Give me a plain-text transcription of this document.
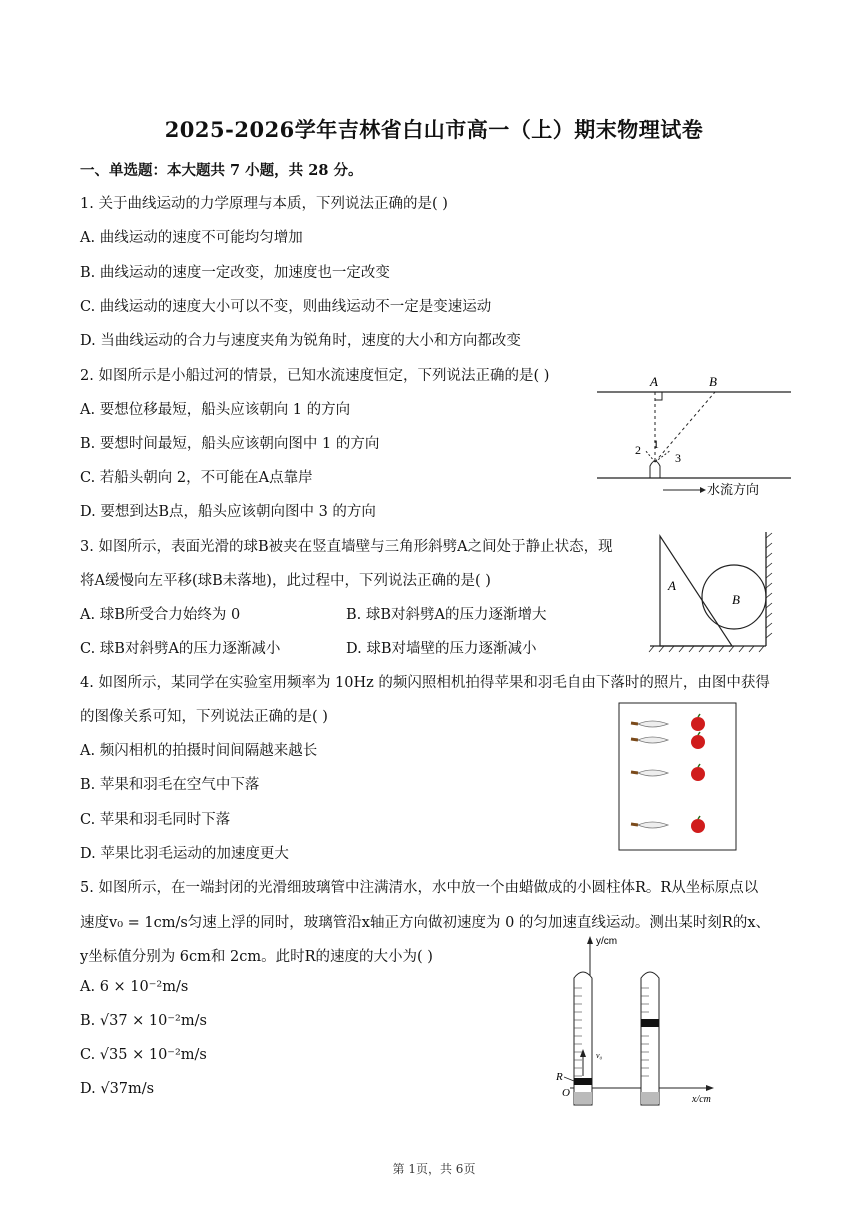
2025-2026学年吉林省白山市高一（上）期末物理试卷
一、单选题：本大题共 7 小题，共 28 分。
1. 关于曲线运动的力学原理与本质，下列说法正确的是( )
A. 曲线运动的速度不可能均匀增加
B. 曲线运动的速度一定改变，加速度也一定改变
C. 曲线运动的速度大小可以不变，则曲线运动不一定是变速运动
D. 当曲线运动的合力与速度夹角为锐角时，速度的大小和方向都改变
2. 如图所示是小船过河的情景，已知水流速度恒定，下列说法正确的是( )
A. 要想位移最短，船头应该朝向 1 的方向
B. 要想时间最短，船头应该朝向图中 1 的方向
C. 若船头朝向 2，不可能在A点靠岸
D. 要想到达B点，船头应该朝向图中 3 的方向
A	B
1
2
3
水流方向
3. 如图所示，表面光滑的球B被夹在竖直墙壁与三角形斜劈A之间处于静止状态，现
将A缓慢向左平移(球B未落地)，此过程中，下列说法正确的是( )
A. 球B所受合力始终为 0	B. 球B对斜劈A的压力逐渐增大
C. 球B对斜劈A的压力逐渐减小	D. 球B对墙壁的压力逐渐减小
A
B
4. 如图所示，某同学在实验室用频率为 10Hz 的频闪照相机拍得苹果和羽毛自由下落时的照片，由图中获得
的图像关系可知，下列说法正确的是( )
A. 频闪相机的拍摄时间间隔越来越长
B. 苹果和羽毛在空气中下落
C. 苹果和羽毛同时下落
D. 苹果比羽毛运动的加速度更大
5. 如图所示，在一端封闭的光滑细玻璃管中注满清水，水中放一个由蜡做成的小圆柱体R。R从坐标原点以
速度v₀ = 1cm/s匀速上浮的同时，玻璃管沿x轴正方向做初速度为 0 的匀加速直线运动。测出某时刻R的x、
y坐标值分别为 6cm和 2cm。此时R的速度的大小为( )
A. 6 × 10⁻²m/s
B. √37 × 10⁻²m/s
C. √35 × 10⁻²m/s
D. √37m/s
y/cm
x/cm
v₀
R
O
第 1页，共 6页
